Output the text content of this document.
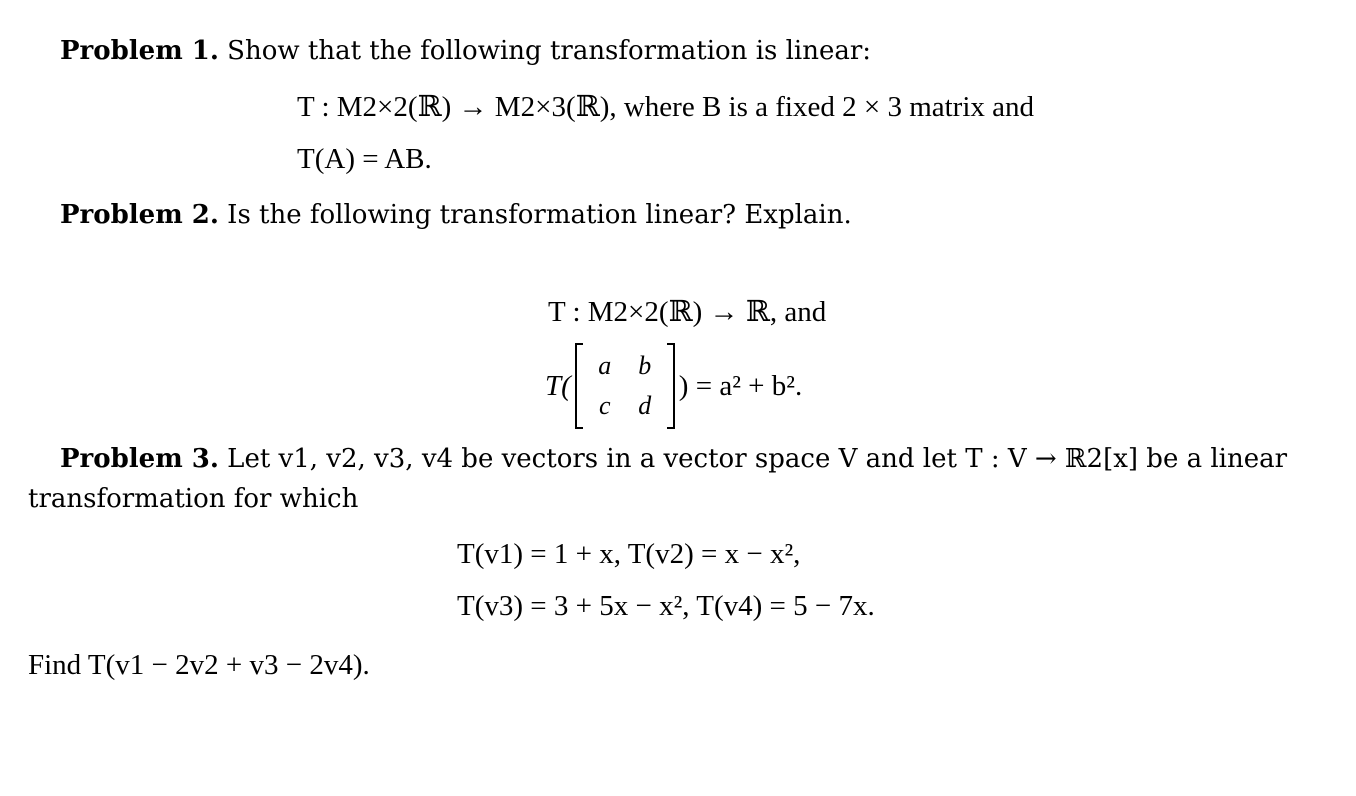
Problem 1. Show that the following transformation is linear:
T : M2×2(ℝ) → M2×3(ℝ), where B is a fixed 2 × 3 matrix and
T(A) = AB.
Problem 2. Is the following transformation linear? Explain.
T : M2×2(ℝ) → ℝ, and
T(
a b
c d
) = a² + b².
Problem 3. Let v1, v2, v3, v4 be vectors in a vector space V and let T : V → ℝ2[x] be a linear
transformation for which
T(v1) = 1 + x, T(v2) = x − x²,
T(v3) = 3 + 5x − x², T(v4) = 5 − 7x.
Find T(v1 − 2v2 + v3 − 2v4).
